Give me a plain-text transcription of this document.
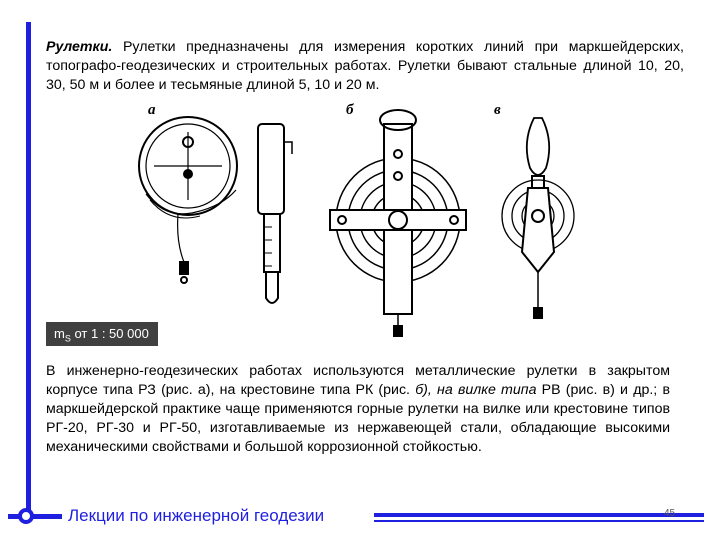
Рулетки. Рулетки предназначены для измерения коротких линий при маркшейдерских, топографо-геодезических и строительных работах. Рулетки бывают стальные длиной 10, 20, 30, 50 м и более и тесьмяные длиной 5, 10 и 20 м.

а	б	в
$m_S$ от 1 : 50 000

В инженерно-геодезических работах используются металлические рулетки в закрытом корпусе типа РЗ (рис. а), на крестовине типа РК (рис. б), на вилке типа РВ (рис. в) и др.; в маркшейдерской практике чаще применяются горные рулетки на вилке или крестовине типов РГ-20, РГ-30 и РГ-50, изготавливаемые из нержавеющей стали, обладающие высокими механическими свойствами и большой коррозионной стойкостью.

Лекции по инженерной геодезии	45
